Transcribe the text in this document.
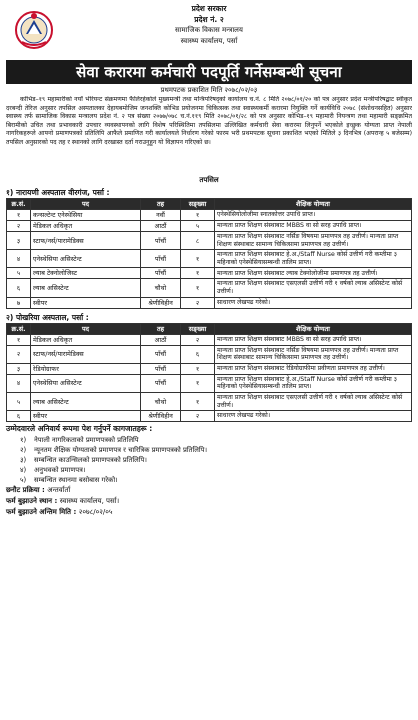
प्रदेश सरकार
प्रदेश नं. २
सामाजिक विकास मन्त्रालय
स्वास्थ्य कार्यालय, पर्सा
सेवा करारमा कर्मचारी पदपूर्ति गर्नेसम्बन्धी सूचना
प्रथमपटक प्रकाशित मिति २०७८/०२/०३

कोभिड–१९ महामारीको नयाँ भेरियन्ट संक्रमणमा फैलिरहेकोले मुख्यमन्त्री तथा मन्त्रिपरिषद्को कार्यालय च.नं. ८ मिति २०७८/०१/२० को पत्र अनुसार प्रदेश मन्त्रीपरिषद्बाट स्वीकृत दरबन्दी तेरिज अनुसार तपसिल अस्पतालका देहायबमोजिम जनशक्ति कोभिड प्रयोजनमा चिकित्सक तथा स्वास्थ्यकर्मी करारमा नियुक्ति गर्ने कार्यविधि २०७८ (संशोधनसहित) अनुसार स्वास्थ्य तर्फ सामाजिक विकास मन्त्रालय प्रदेश नं. २ पत्र संख्या २०७७/०७८ च.नं.११९ मिति २०७८/०१/२८ को पत्र अनुसार कोभिड–१९ महामारी नियन्त्रण तथा महामारी सङ्क्रमित बिरामीको उचित तथा प्रभावकारी उपचार व्यवस्थापनको लागि विशेष परिस्थितिमा तपसिलमा उल्लिखित कर्मचारी सेवा करारमा लिनुपर्ने भएकोले इच्छुक योग्यता प्राप्त नेपाली नागरिकहरूले आफ्नो प्रमाणपत्रको प्रतिलिपि आफैले प्रमाणित गरी कार्यालयले निर्धारण गरेको फारम भरी प्रथमपटक सूचना प्रकाशित भएको मितिले ३ दिनभित्र (अपरान्ह ५ बजेसम्म) तपसिल अनुसारको पद तह र स्थानको लागि दरखास्त दर्ता गराउनुहुन यो विज्ञापन गरिएको छ।

तपसिल
१) नारायणी अस्पताल वीरगंज, पर्सा :
क्र.सं.	पद	तह	सङ्ख्या	शैक्षिक योग्यता
१	कन्सल्टेन्ट एनेस्थेसिया	नवौं	१	एनेस्थेसियोलोजीमा स्नातकोत्तर उपाधि प्राप्त।
२	मेडिकल अधिकृत	आठौं	५	मान्यता प्राप्त शिक्षण संस्थाबाट MBBS वा सो सरह उपाधि प्राप्त।
३	स्टाफ/नर्स/पारामेडिक्स	पाँचौं	८	मान्यता प्राप्त शिक्षण संस्थाबाट नर्सिङ विषयमा प्रमाणपत्र तह उत्तीर्ण। मान्यता प्राप्त शिक्षण संस्थाबाट सामान्य चिकित्सामा प्रमाणपत्र तह उत्तीर्ण।
४	एनेस्थेसिया असिस्टेन्ट	पाँचौं	१	मान्यता प्राप्त शिक्षण संस्थाबाट हे.अ./Staff Nurse कोर्स उत्तीर्ण गरी कम्तीमा ३ महिनाको एनेस्थेसियासम्बन्धी तालिम प्राप्त।
५	ल्याब टेक्नोलोजिस्ट	पाँचौं	१	मान्यता प्राप्त शिक्षण संस्थाबाट ल्याब टेक्नोलोजीमा प्रमाणपत्र तह उत्तीर्ण।
६	ल्याब असिस्टेन्ट	चौथो	१	मान्यता प्राप्त शिक्षण संस्थाबाट एसएलसी उत्तीर्ण गरी १ वर्षको ल्याब असिस्टेन्ट कोर्स उत्तीर्ण।
७	स्वीपर	श्रेणीविहीन	२	साधारण लेखपढ गरेको।
२) पोखरिया अस्पताल, पर्सा :
क्र.सं.	पद	तह	सङ्ख्या	शैक्षिक योग्यता
१	मेडिकल अधिकृत	आठौं	२	मान्यता प्राप्त शिक्षण संस्थाबाट MBBS वा सो सरह उपाधि प्राप्त।
२	स्टाफ/नर्स/पारामेडिक्स	पाँचौं	६	मान्यता प्राप्त शिक्षण संस्थाबाट नर्सिङ विषयमा प्रमाणपत्र तह उत्तीर्ण। मान्यता प्राप्त शिक्षण संस्थाबाट सामान्य चिकित्सामा प्रमाणपत्र तह उत्तीर्ण।
३	रेडियोग्राफर	पाँचौं	१	मान्यता प्राप्त शिक्षण संस्थाबाट रेडियोग्राफीमा प्रवीणता प्रमाणपत्र तह उत्तीर्ण।
४	एनेस्थेसिया असिस्टेन्ट	पाँचौं	१	मान्यता प्राप्त शिक्षण संस्थाबाट हे.अ./Staff Nurse कोर्स उत्तीर्ण गरी कम्तीमा ३ महिनाको एनेस्थेसियासम्बन्धी तालिम प्राप्त।
५	ल्याब असिस्टेन्ट	चौथो	१	मान्यता प्राप्त शिक्षण संस्थाबाट एसएलसी उत्तीर्ण गरी १ वर्षको ल्याब असिस्टेन्ट कोर्स उत्तीर्ण।
६	स्वीपर	श्रेणीविहीन	२	साधारण लेखपढ गरेको।
उम्मेदवारले अनिवार्य रूपमा पेश गर्नुपर्ने कागजातहरू :
१) नेपाली नागरिकताको प्रमाणपत्रको प्रतिलिपि
२) न्यूनतम शैक्षिक योग्यताको प्रमाणपत्र र चारित्रिक प्रमाणपत्रको प्रतिलिपि।
३) सम्बन्धित काउन्सिलको प्रमाणपत्रको प्रतिलिपि।
४) अनुभवको प्रमाणपत्र।
५) सम्बन्धित स्थानमा बसोबास गरेको।
छनौट प्रक्रिया : अन्तर्वार्ता
फर्म बुझाउने स्थान : स्वास्थ्य कार्यालय, पर्सा।
फर्म बुझाउने अन्तिम मिति : २०७८/०२/०५
